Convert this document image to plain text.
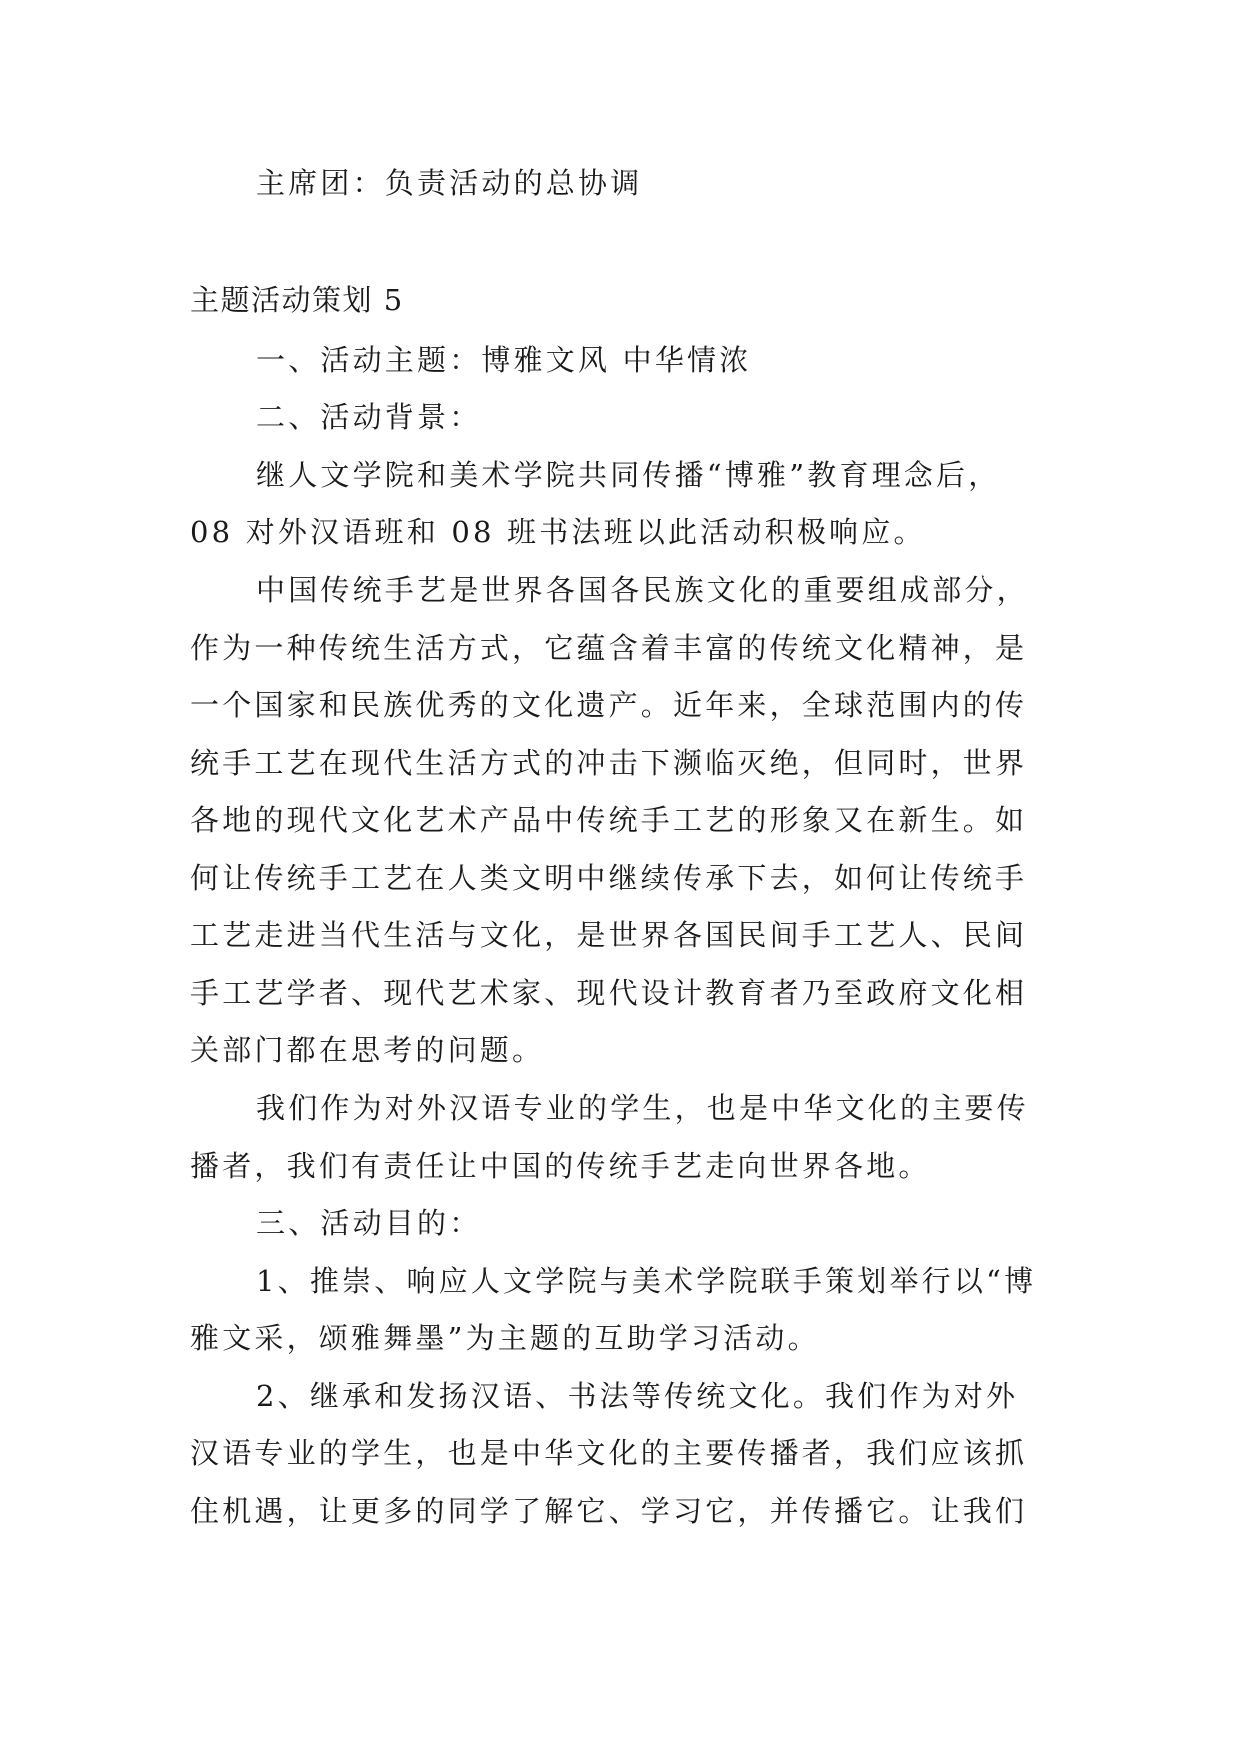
主席团：负责活动的总协调
主题活动策划 5
一、活动主题：博雅文风 中华情浓
二、活动背景：
继人文学院和美术学院共同传播“博雅”教育理念后，
08 对外汉语班和 08 班书法班以此活动积极响应。
中国传统手艺是世界各国各民族文化的重要组成部分，
作为一种传统生活方式，它蕴含着丰富的传统文化精神，是
一个国家和民族优秀的文化遗产。近年来，全球范围内的传
统手工艺在现代生活方式的冲击下濒临灭绝，但同时，世界
各地的现代文化艺术产品中传统手工艺的形象又在新生。如
何让传统手工艺在人类文明中继续传承下去，如何让传统手
工艺走进当代生活与文化，是世界各国民间手工艺人、民间
手工艺学者、现代艺术家、现代设计教育者乃至政府文化相
关部门都在思考的问题。
我们作为对外汉语专业的学生，也是中华文化的主要传
播者，我们有责任让中国的传统手艺走向世界各地。
三、活动目的：
1、推崇、响应人文学院与美术学院联手策划举行以“博
雅文采，颂雅舞墨”为主题的互助学习活动。
2、继承和发扬汉语、书法等传统文化。我们作为对外
汉语专业的学生，也是中华文化的主要传播者，我们应该抓
住机遇，让更多的同学了解它、学习它，并传播它。让我们
